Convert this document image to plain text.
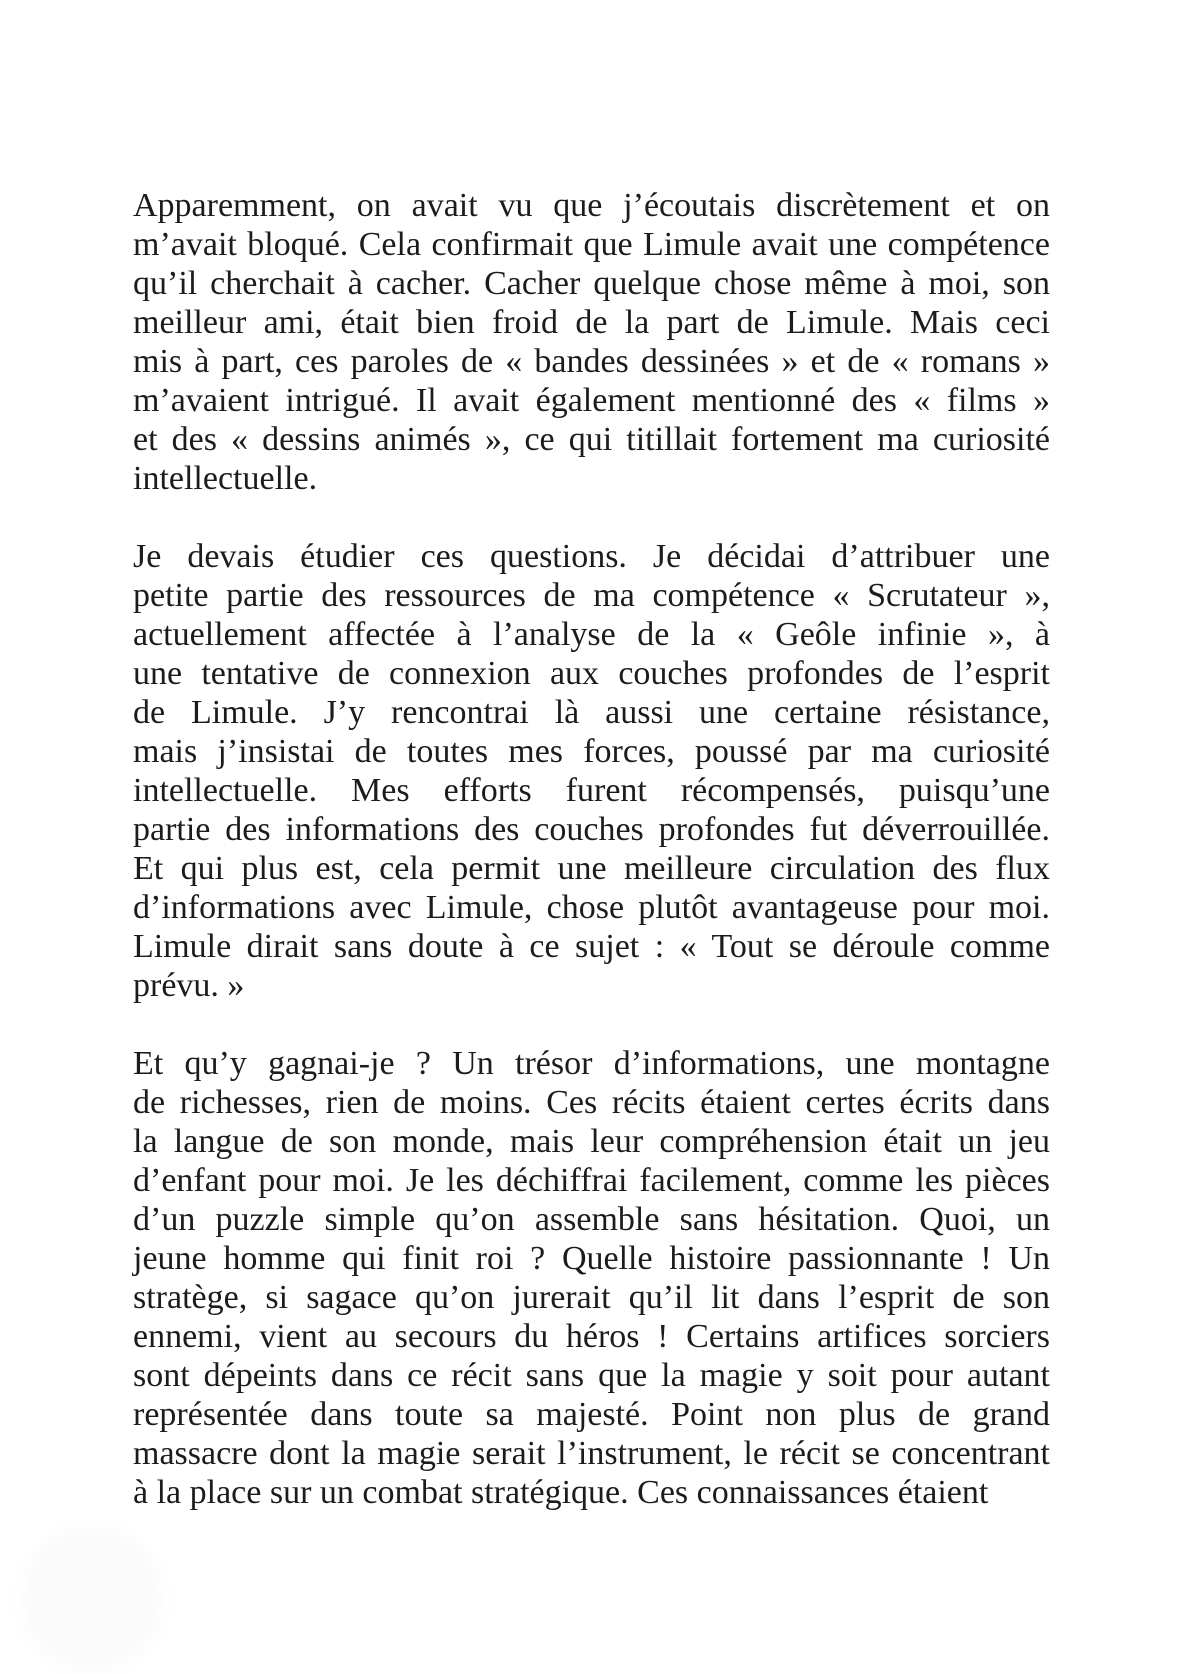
Apparemment, on avait vu que j’écoutais discrètement et on
m’avait bloqué. Cela confirmait que Limule avait une compétence
qu’il cherchait à cacher. Cacher quelque chose même à moi, son
meilleur ami, était bien froid de la part de Limule. Mais ceci
mis à part, ces paroles de « bandes dessinées » et de « romans »
m’avaient intrigué. Il avait également mentionné des « films »
et des « dessins animés », ce qui titillait fortement ma curiosité
intellectuelle.
Je devais étudier ces questions. Je décidai d’attribuer une
petite partie des ressources de ma compétence « Scrutateur »,
actuellement affectée à l’analyse de la « Geôle infinie », à
une tentative de connexion aux couches profondes de l’esprit
de Limule. J’y rencontrai là aussi une certaine résistance,
mais j’insistai de toutes mes forces, poussé par ma curiosité
intellectuelle. Mes efforts furent récompensés, puisqu’une
partie des informations des couches profondes fut déverrouillée.
Et qui plus est, cela permit une meilleure circulation des flux
d’informations avec Limule, chose plutôt avantageuse pour moi.
Limule dirait sans doute à ce sujet : « Tout se déroule comme
prévu. »
Et qu’y gagnai-je ? Un trésor d’informations, une montagne
de richesses, rien de moins. Ces récits étaient certes écrits dans
la langue de son monde, mais leur compréhension était un jeu
d’enfant pour moi. Je les déchiffrai facilement, comme les pièces
d’un puzzle simple qu’on assemble sans hésitation. Quoi, un
jeune homme qui finit roi ? Quelle histoire passionnante ! Un
stratège, si sagace qu’on jurerait qu’il lit dans l’esprit de son
ennemi, vient au secours du héros ! Certains artifices sorciers
sont dépeints dans ce récit sans que la magie y soit pour autant
représentée dans toute sa majesté. Point non plus de grand
massacre dont la magie serait l’instrument, le récit se concentrant
à la place sur un combat stratégique. Ces connaissances étaient
